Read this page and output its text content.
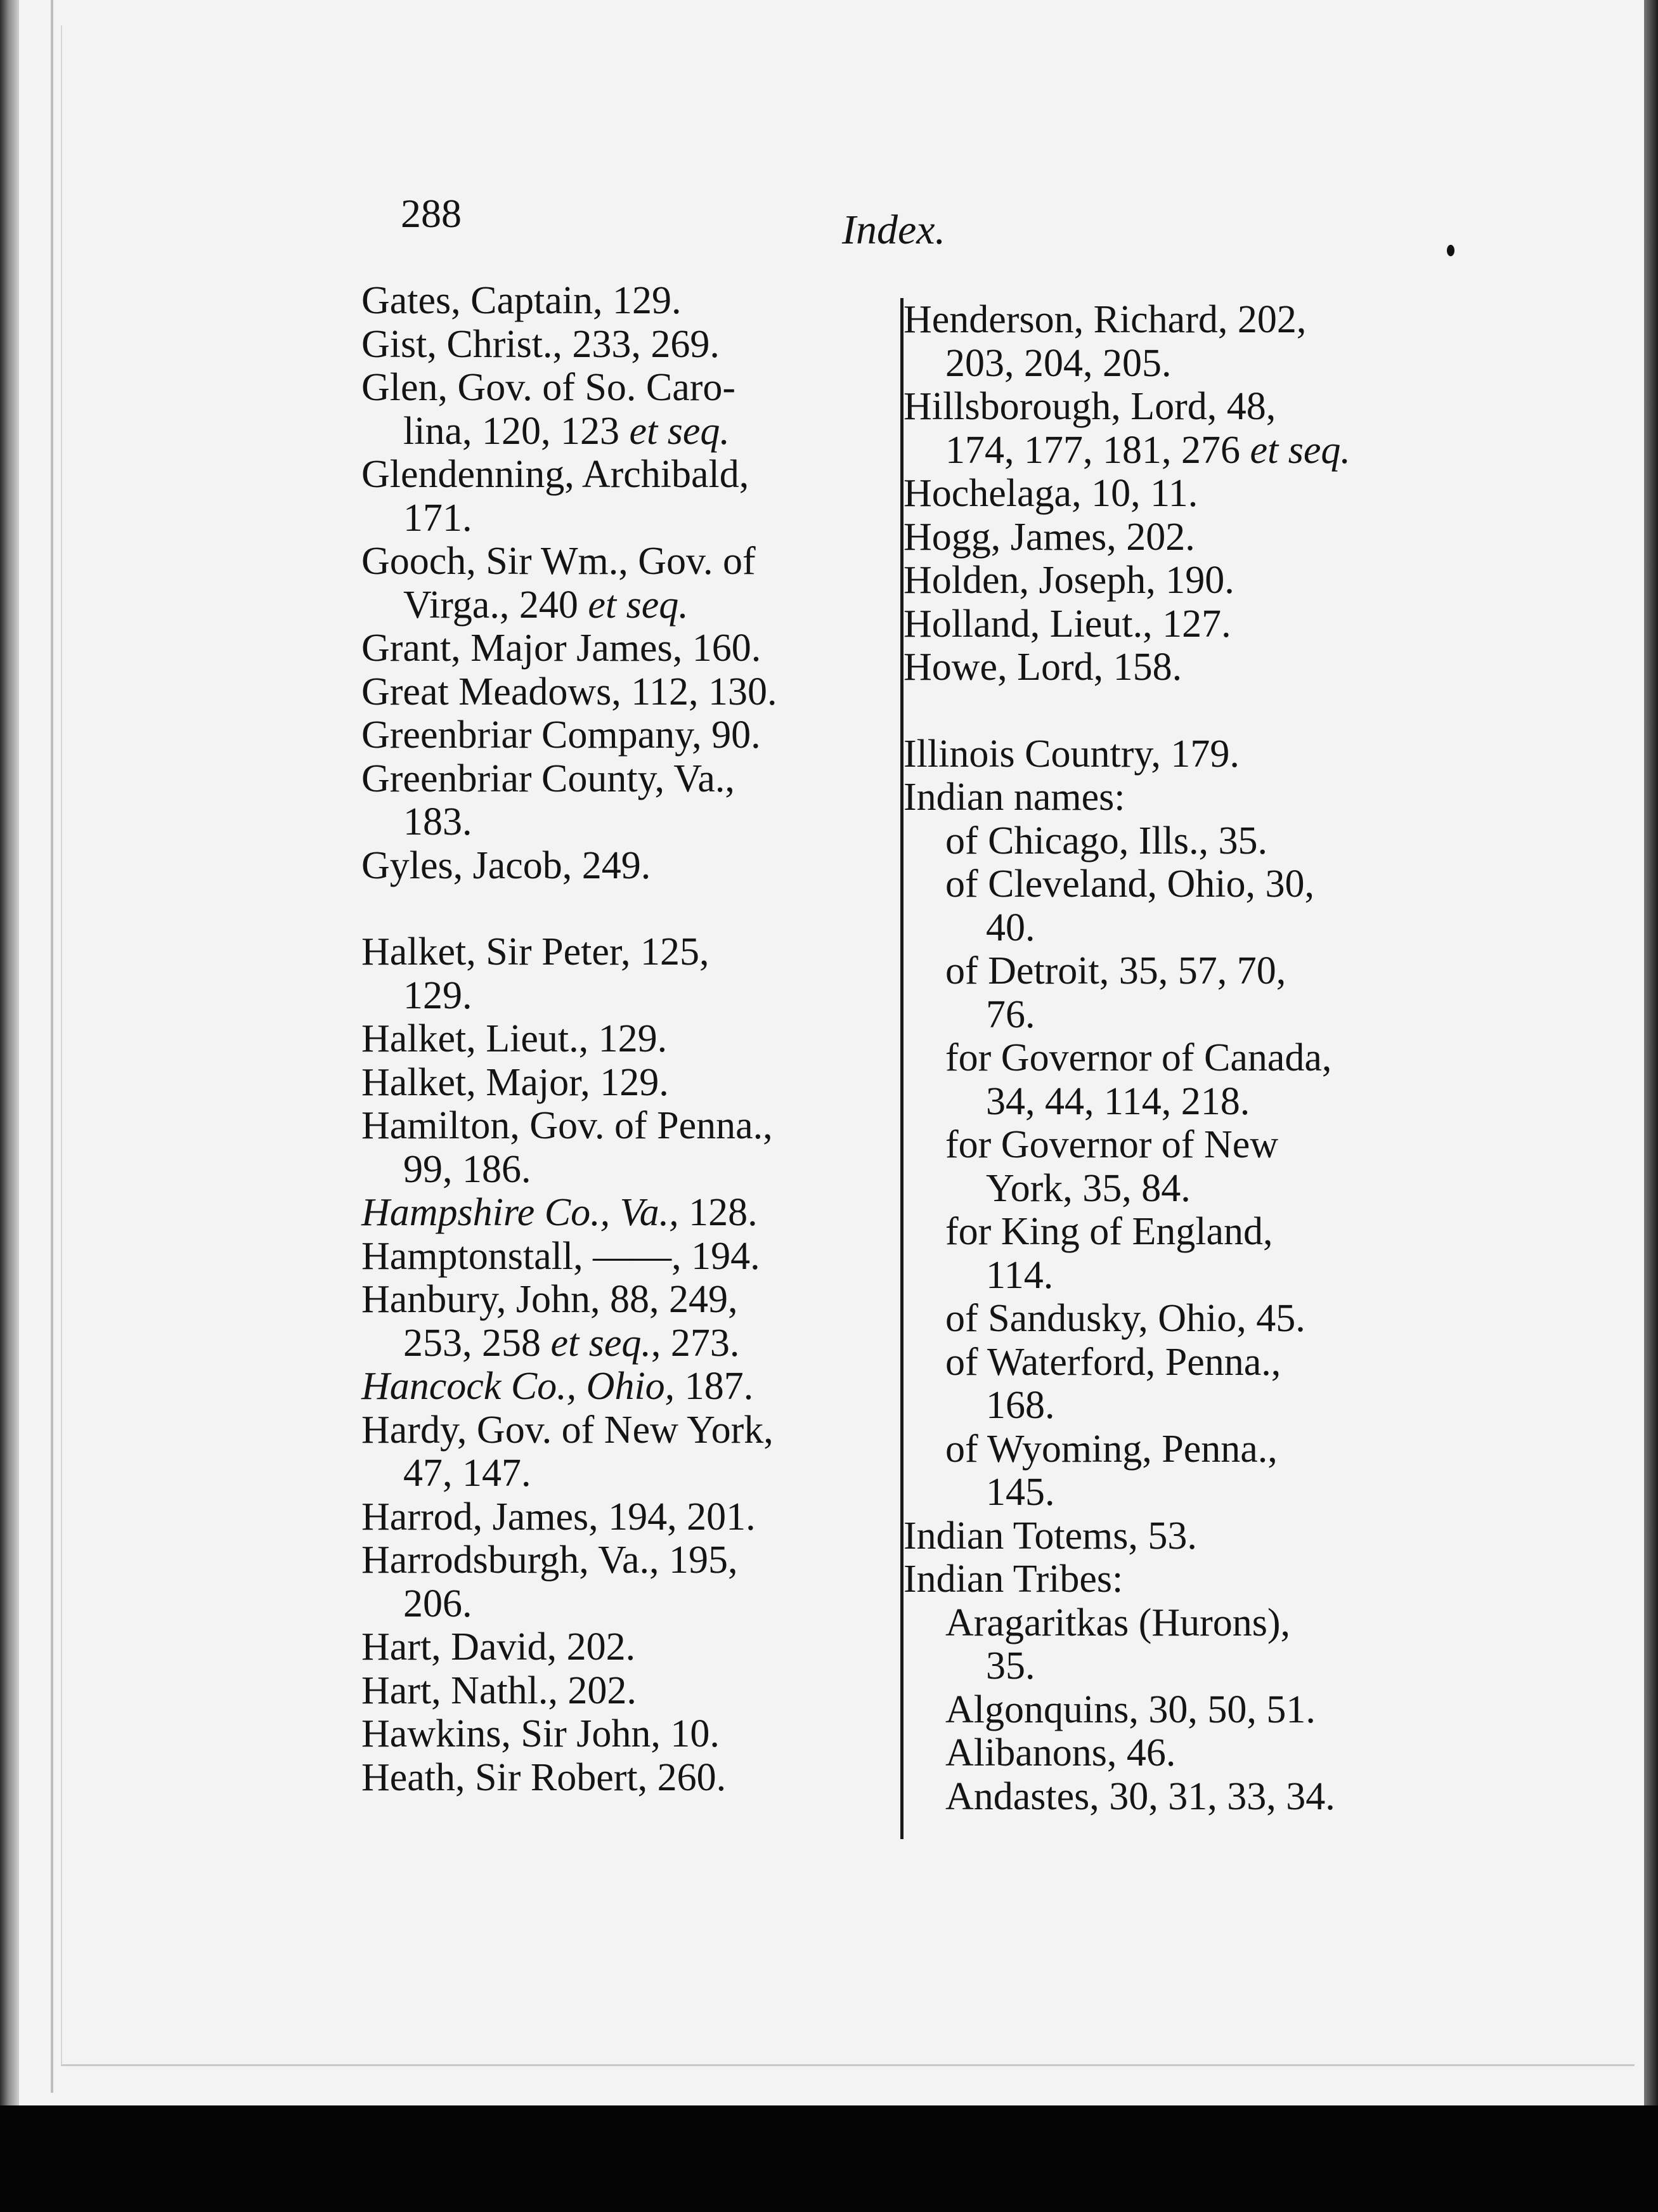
288	Index.
Gates, Captain, 129.
Gist, Christ., 233, 269.
Glen, Gov. of So. Caro-
lina, 120, 123 et seq.
Glendenning, Archibald,
171.
Gooch, Sir Wm., Gov. of
Virga., 240 et seq.
Grant, Major James, 160.
Great Meadows, 112, 130.
Greenbriar Company, 90.
Greenbriar County, Va.,
183.
Gyles, Jacob, 249.
Halket, Sir Peter, 125,
129.
Halket, Lieut., 129.
Halket, Major, 129.
Hamilton, Gov. of Penna.,
99, 186.
Hampshire Co., Va., 128.
Hamptonstall, ——, 194.
Hanbury, John, 88, 249,
253, 258 et seq., 273.
Hancock Co., Ohio, 187.
Hardy, Gov. of New York,
47, 147.
Harrod, James, 194, 201.
Harrodsburgh, Va., 195,
206.
Hart, David, 202.
Hart, Nathl., 202.
Hawkins, Sir John, 10.
Heath, Sir Robert, 260.
Henderson, Richard, 202,
203, 204, 205.
Hillsborough, Lord, 48,
174, 177, 181, 276 et seq.
Hochelaga, 10, 11.
Hogg, James, 202.
Holden, Joseph, 190.
Holland, Lieut., 127.
Howe, Lord, 158.
Illinois Country, 179.
Indian names:
of Chicago, Ills., 35.
of Cleveland, Ohio, 30,
40.
of Detroit, 35, 57, 70,
76.
for Governor of Canada,
34, 44, 114, 218.
for Governor of New
York, 35, 84.
for King of England,
114.
of Sandusky, Ohio, 45.
of Waterford, Penna.,
168.
of Wyoming, Penna.,
145.
Indian Totems, 53.
Indian Tribes:
Aragaritkas (Hurons),
35.
Algonquins, 30, 50, 51.
Alibanons, 46.
Andastes, 30, 31, 33, 34.
